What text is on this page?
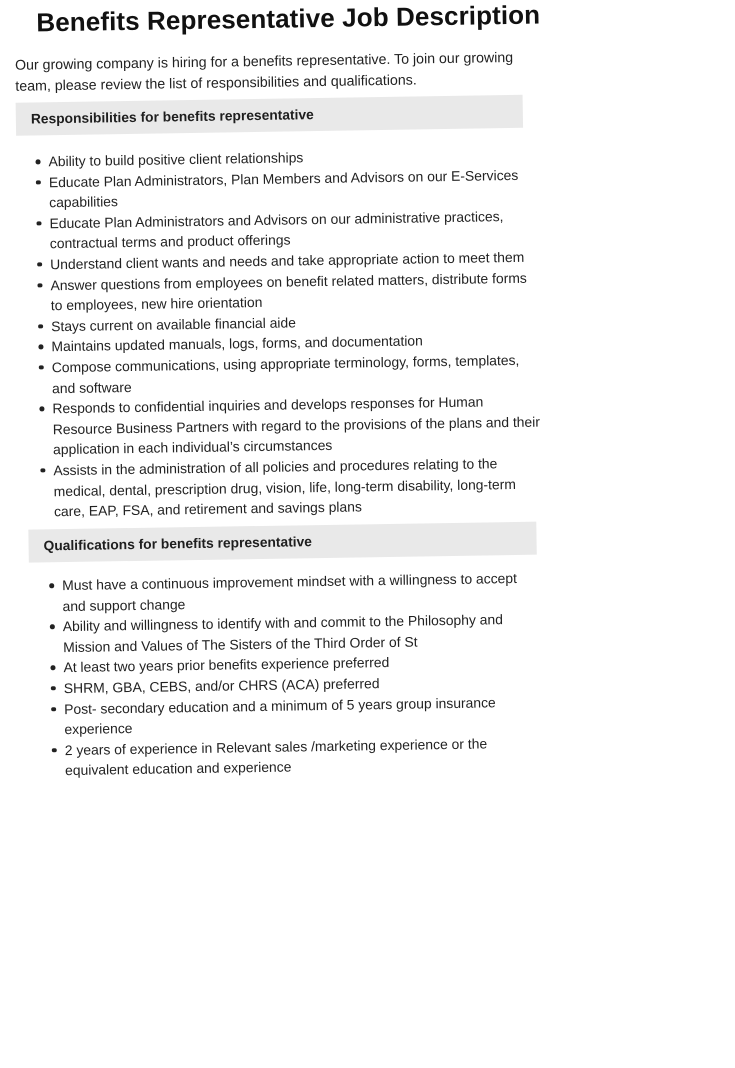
Benefits Representative Job Description

Our growing company is hiring for a benefits representative. To join our growing team, please review the list of responsibilities and qualifications.

Responsibilities for benefits representative
Ability to build positive client relationships
Educate Plan Administrators, Plan Members and Advisors on our E-Services capabilities
Educate Plan Administrators and Advisors on our administrative practices, contractual terms and product offerings
Understand client wants and needs and take appropriate action to meet them
Answer questions from employees on benefit related matters, distribute forms to employees, new hire orientation
Stays current on available financial aide
Maintains updated manuals, logs, forms, and documentation
Compose communications, using appropriate terminology, forms, templates, and software
Responds to confidential inquiries and develops responses for Human Resource Business Partners with regard to the provisions of the plans and their application in each individual’s circumstances
Assists in the administration of all policies and procedures relating to the medical, dental, prescription drug, vision, life, long-term disability, long-term care, EAP, FSA, and retirement and savings plans
Qualifications for benefits representative
Must have a continuous improvement mindset with a willingness to accept and support change
Ability and willingness to identify with and commit to the Philosophy and Mission and Values of The Sisters of the Third Order of St
At least two years prior benefits experience preferred
SHRM, GBA, CEBS, and/or CHRS (ACA) preferred
Post- secondary education and a minimum of 5 years group insurance experience
2 years of experience in Relevant sales /marketing experience or the equivalent education and experience
